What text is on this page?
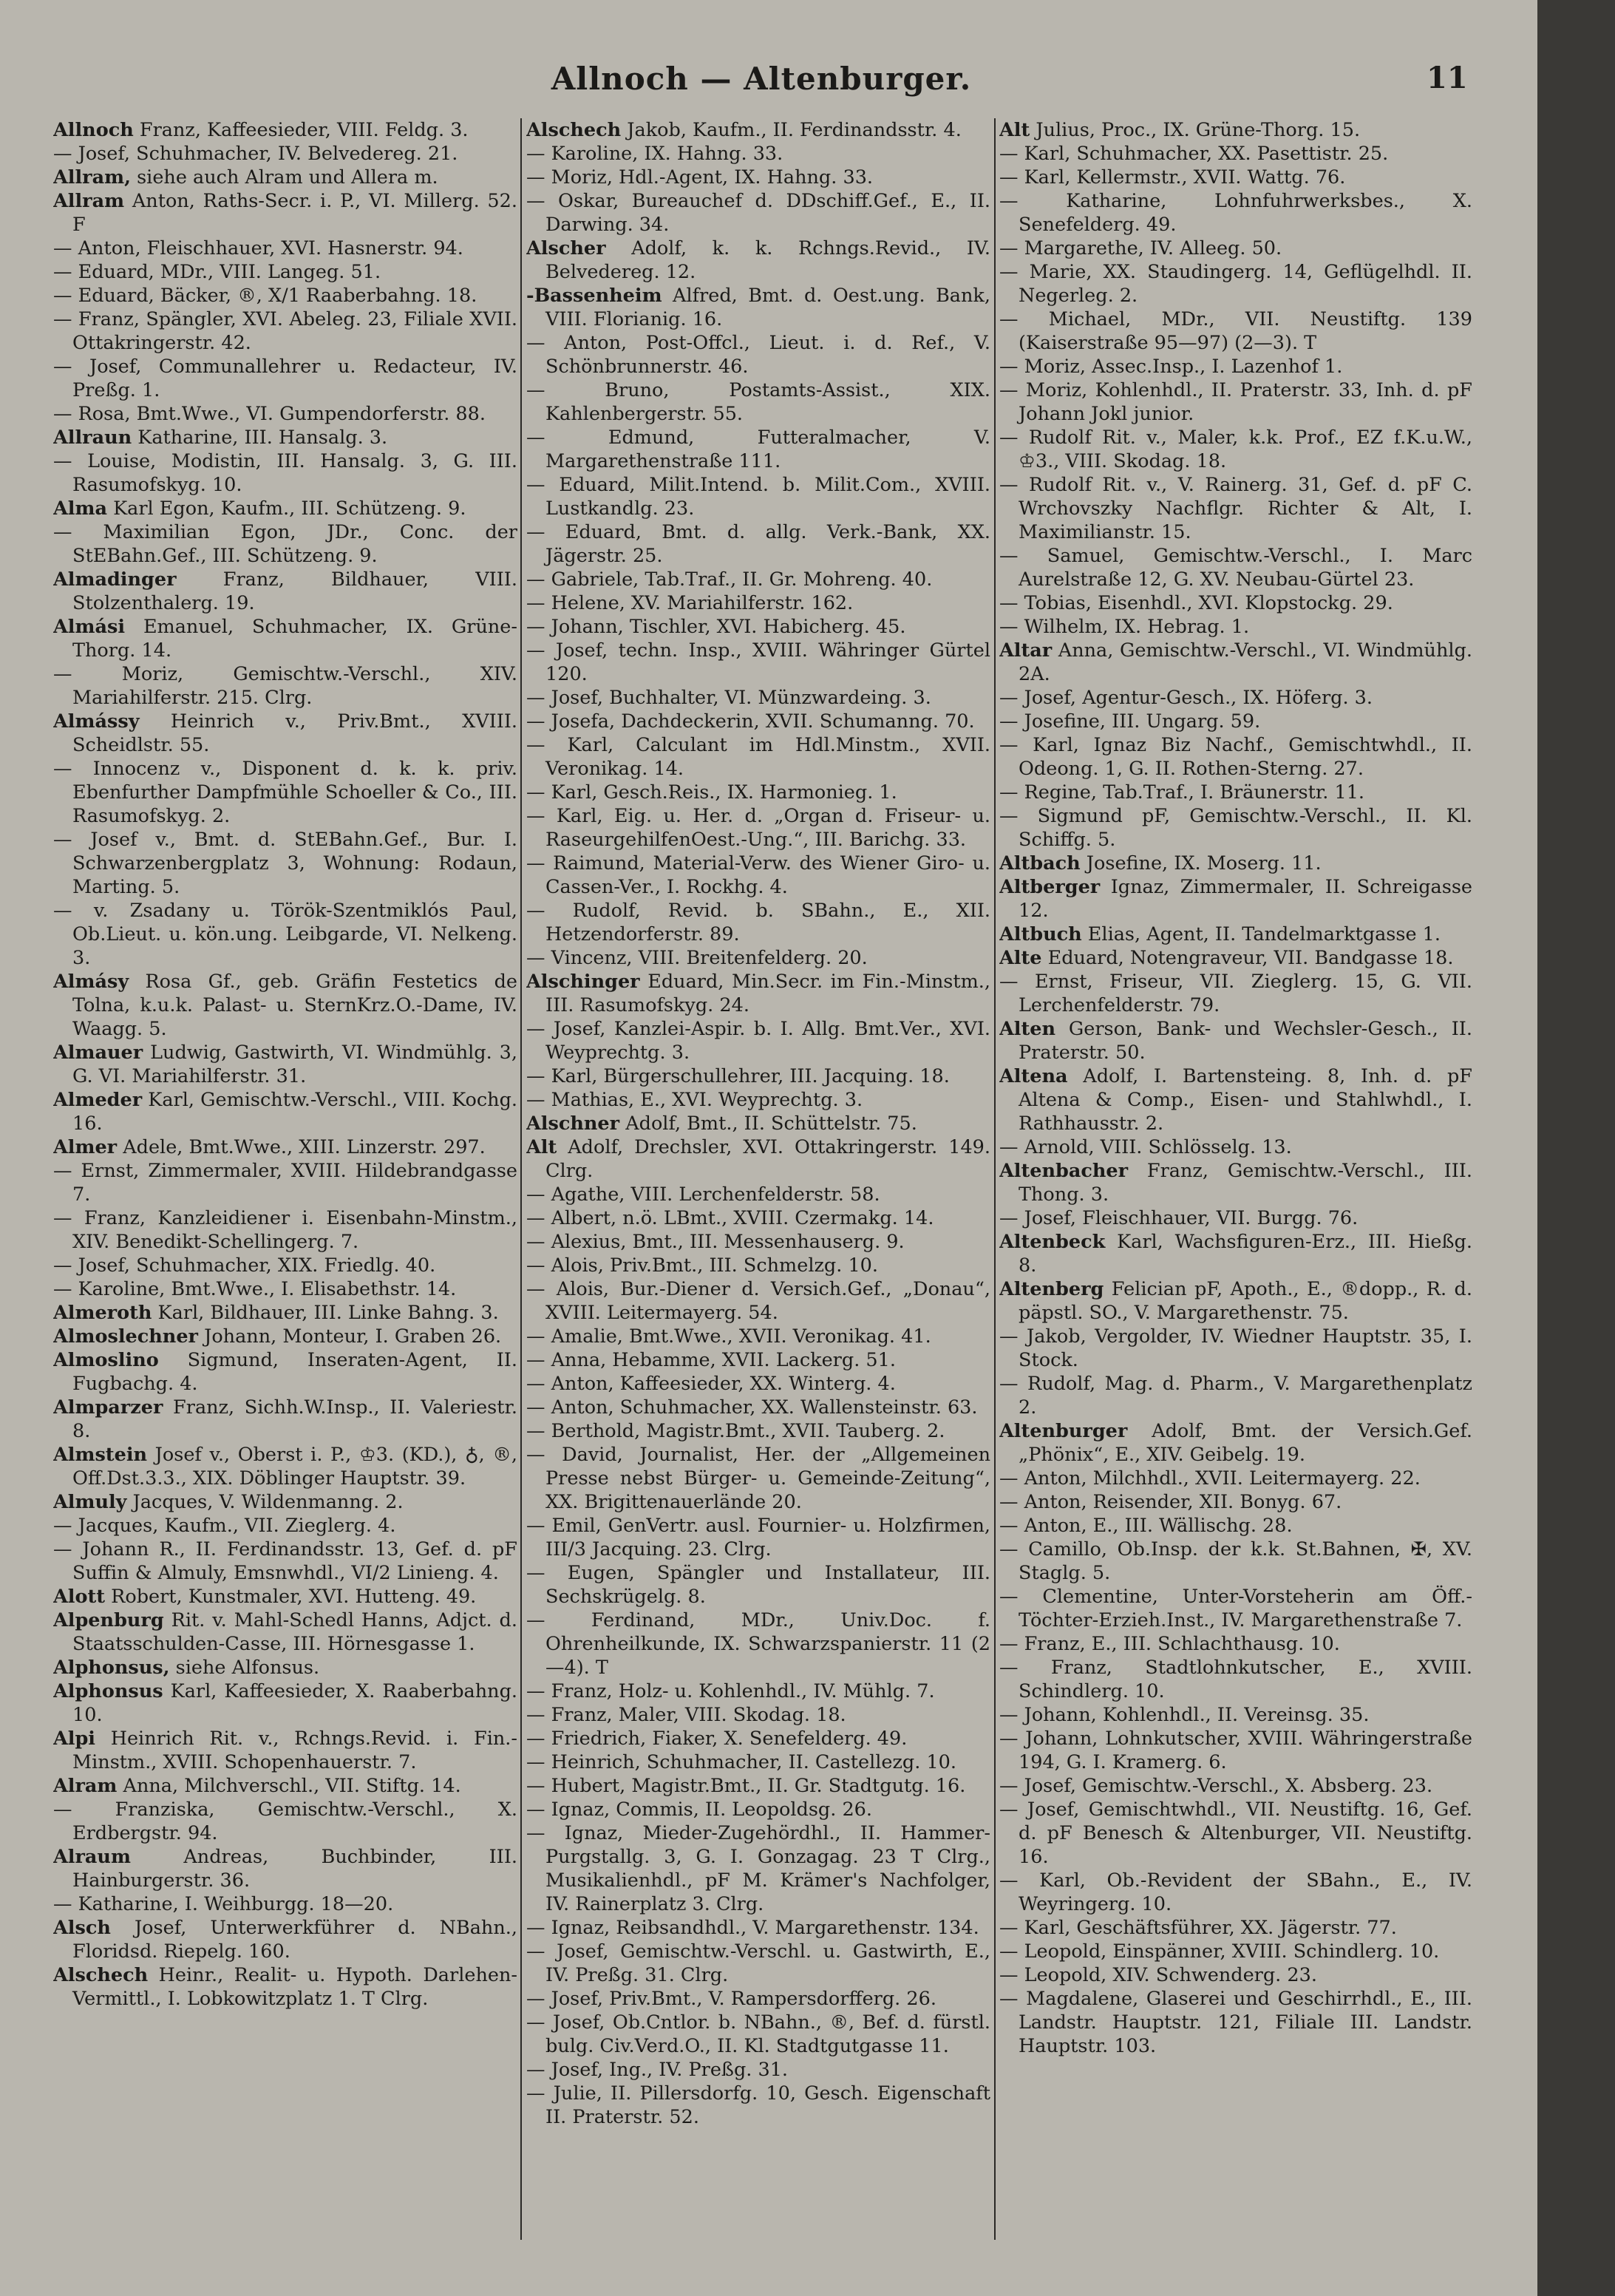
Allnoch — Altenburger.	11
Allnoch Franz, Kaffeesieder, VIII. Feldg. 3.
— Josef, Schuhmacher, IV. Belvedereg. 21.
Allram, siehe auch Alram und Allera m.
Allram Anton, Raths-Secr. i. P., VI. Millerg. 52. F
— Anton, Fleischhauer, XVI. Hasnerstr. 94.
— Eduard, MDr., VIII. Langeg. 51.
— Eduard, Bäcker, ®, X/1 Raaberbahng. 18.
— Franz, Spängler, XVI. Abeleg. 23, Filiale XVII. Ottakringerstr. 42.
— Josef, Communallehrer u. Redacteur, IV. Preßg. 1.
— Rosa, Bmt.Wwe., VI. Gumpendorferstr. 88.
Allraun Katharine, III. Hansalg. 3.
— Louise, Modistin, III. Hansalg. 3, G. III. Rasumofskyg. 10.
Alma Karl Egon, Kaufm., III. Schützeng. 9.
— Maximilian Egon, JDr., Conc. der StEBahn.Gef., III. Schützeng. 9.
Almadinger Franz, Bildhauer, VIII. Stolzenthalerg. 19.
Almási Emanuel, Schuhmacher, IX. Grüne-Thorg. 14.
— Moriz, Gemischtw.-Verschl., XIV. Mariahilferstr. 215. Clrg.
Almássy Heinrich v., Priv.Bmt., XVIII. Scheidlstr. 55.
— Innocenz v., Disponent d. k. k. priv. Ebenfurther Dampfmühle Schoeller & Co., III. Rasumofskyg. 2.
— Josef v., Bmt. d. StEBahn.Gef., Bur. I. Schwarzenbergplatz 3, Wohnung: Rodaun, Marting. 5.
— v. Zsadany u. Török-Szentmiklós Paul, Ob.Lieut. u. kön.ung. Leibgarde, VI. Nelkeng. 3.
Almásy Rosa Gf., geb. Gräfin Festetics de Tolna, k.u.k. Palast- u. SternKrz.O.-Dame, IV. Waagg. 5.
Almauer Ludwig, Gastwirth, VI. Windmühlg. 3, G. VI. Mariahilferstr. 31.
Almeder Karl, Gemischtw.-Verschl., VIII. Kochg. 16.
Almer Adele, Bmt.Wwe., XIII. Linzerstr. 297.
— Ernst, Zimmermaler, XVIII. Hildebrandgasse 7.
— Franz, Kanzleidiener i. Eisenbahn-Minstm., XIV. Benedikt-Schellingerg. 7.
— Josef, Schuhmacher, XIX. Friedlg. 40.
— Karoline, Bmt.Wwe., I. Elisabethstr. 14.
Almeroth Karl, Bildhauer, III. Linke Bahng. 3.
Almoslechner Johann, Monteur, I. Graben 26.
Almoslino Sigmund, Inseraten-Agent, II. Fugbachg. 4.
Almparzer Franz, Sichh.W.Insp., II. Valeriestr. 8.
Almstein Josef v., Oberst i. P., ♔3. (KD.), ♁, ®, Off.Dst.3.3., XIX. Döblinger Hauptstr. 39.
Almuly Jacques, V. Wildenmanng. 2.
— Jacques, Kaufm., VII. Zieglerg. 4.
— Johann R., II. Ferdinandsstr. 13, Gef. d. pF Suffin & Almuly, Emsnwhdl., VI/2 Linieng. 4.
Alott Robert, Kunstmaler, XVI. Hutteng. 49.
Alpenburg Rit. v. Mahl-Schedl Hanns, Adjct. d. Staatsschulden-Casse, III. Hörnesgasse 1.
Alphonsus, siehe Alfonsus.
Alphonsus Karl, Kaffeesieder, X. Raaberbahng. 10.
Alpi Heinrich Rit. v., Rchngs.Revid. i. Fin.-Minstm., XVIII. Schopenhauerstr. 7.
Alram Anna, Milchverschl., VII. Stiftg. 14.
— Franziska, Gemischtw.-Verschl., X. Erdbergstr. 94.
Alraum Andreas, Buchbinder, III. Hainburgerstr. 36.
— Katharine, I. Weihburgg. 18—20.
Alsch Josef, Unterwerkführer d. NBahn., Floridsd. Riepelg. 160.
Alschech Heinr., Realit- u. Hypoth. Darlehen-Vermittl., I. Lobkowitzplatz 1. T Clrg.
Alschech Jakob, Kaufm., II. Ferdinandsstr. 4.
— Karoline, IX. Hahng. 33.
— Moriz, Hdl.-Agent, IX. Hahng. 33.
— Oskar, Bureauchef d. DDschiff.Gef., E., II. Darwing. 34.
Alscher Adolf, k. k. Rchngs.Revid., IV. Belvedereg. 12.
-Bassenheim Alfred, Bmt. d. Oest.ung. Bank, VIII. Florianig. 16.
— Anton, Post-Offcl., Lieut. i. d. Ref., V. Schönbrunnerstr. 46.
— Bruno, Postamts-Assist., XIX. Kahlenbergerstr. 55.
— Edmund, Futteralmacher, V. Margarethenstraße 111.
— Eduard, Milit.Intend. b. Milit.Com., XVIII. Lustkandlg. 23.
— Eduard, Bmt. d. allg. Verk.-Bank, XX. Jägerstr. 25.
— Gabriele, Tab.Traf., II. Gr. Mohreng. 40.
— Helene, XV. Mariahilferstr. 162.
— Johann, Tischler, XVI. Habicherg. 45.
— Josef, techn. Insp., XVIII. Währinger Gürtel 120.
— Josef, Buchhalter, VI. Münzwardeing. 3.
— Josefa, Dachdeckerin, XVII. Schumanng. 70.
— Karl, Calculant im Hdl.Minstm., XVII. Veronikag. 14.
— Karl, Gesch.Reis., IX. Harmonieg. 1.
— Karl, Eig. u. Her. d. „Organ d. Friseur- u. RaseurgehilfenOest.-Ung.“, III. Barichg. 33.
— Raimund, Material-Verw. des Wiener Giro- u. Cassen-Ver., I. Rockhg. 4.
— Rudolf, Revid. b. SBahn., E., XII. Hetzendorferstr. 89.
— Vincenz, VIII. Breitenfelderg. 20.
Alschinger Eduard, Min.Secr. im Fin.-Minstm., III. Rasumofskyg. 24.
— Josef, Kanzlei-Aspir. b. I. Allg. Bmt.Ver., XVI. Weyprechtg. 3.
— Karl, Bürgerschullehrer, III. Jacquing. 18.
— Mathias, E., XVI. Weyprechtg. 3.
Alschner Adolf, Bmt., II. Schüttelstr. 75.
Alt Adolf, Drechsler, XVI. Ottakringerstr. 149. Clrg.
— Agathe, VIII. Lerchenfelderstr. 58.
— Albert, n.ö. LBmt., XVIII. Czermakg. 14.
— Alexius, Bmt., III. Messenhauserg. 9.
— Alois, Priv.Bmt., III. Schmelzg. 10.
— Alois, Bur.-Diener d. Versich.Gef., „Donau“, XVIII. Leitermayerg. 54.
— Amalie, Bmt.Wwe., XVII. Veronikag. 41.
— Anna, Hebamme, XVII. Lackerg. 51.
— Anton, Kaffeesieder, XX. Winterg. 4.
— Anton, Schuhmacher, XX. Wallensteinstr. 63.
— Berthold, Magistr.Bmt., XVII. Tauberg. 2.
— David, Journalist, Her. der „Allgemeinen Presse nebst Bürger- u. Gemeinde-Zeitung“, XX. Brigittenauerlände 20.
— Emil, GenVertr. ausl. Fournier- u. Holzfirmen, III/3 Jacquing. 23. Clrg.
— Eugen, Spängler und Installateur, III. Sechskrügelg. 8.
— Ferdinand, MDr., Univ.Doc. f. Ohrenheilkunde, IX. Schwarzspanierstr. 11 (2—4). T
— Franz, Holz- u. Kohlenhdl., IV. Mühlg. 7.
— Franz, Maler, VIII. Skodag. 18.
— Friedrich, Fiaker, X. Senefelderg. 49.
— Heinrich, Schuhmacher, II. Castellezg. 10.
— Hubert, Magistr.Bmt., II. Gr. Stadtgutg. 16.
— Ignaz, Commis, II. Leopoldsg. 26.
— Ignaz, Mieder-Zugehördhl., II. Hammer-Purgstallg. 3, G. I. Gonzagag. 23 T Clrg., Musikalienhdl., pF M. Krämer's Nachfolger, IV. Rainerplatz 3. Clrg.
— Ignaz, Reibsandhdl., V. Margarethenstr. 134.
— Josef, Gemischtw.-Verschl. u. Gastwirth, E., IV. Preßg. 31. Clrg.
— Josef, Priv.Bmt., V. Rampersdorfferg. 26.
— Josef, Ob.Cntlor. b. NBahn., ®, Bef. d. fürstl. bulg. Civ.Verd.O., II. Kl. Stadtgutgasse 11.
— Josef, Ing., IV. Preßg. 31.
— Julie, II. Pillersdorfg. 10, Gesch. Eigenschaft II. Praterstr. 52.
Alt Julius, Proc., IX. Grüne-Thorg. 15.
— Karl, Schuhmacher, XX. Pasettistr. 25.
— Karl, Kellermstr., XVII. Wattg. 76.
— Katharine, Lohnfuhrwerksbes., X. Senefelderg. 49.
— Margarethe, IV. Alleeg. 50.
— Marie, XX. Staudingerg. 14, Geflügelhdl. II. Negerleg. 2.
— Michael, MDr., VII. Neustiftg. 139 (Kaiserstraße 95—97) (2—3). T
— Moriz, Assec.Insp., I. Lazenhof 1.
— Moriz, Kohlenhdl., II. Praterstr. 33, Inh. d. pF Johann Jokl junior.
— Rudolf Rit. v., Maler, k.k. Prof., EZ f.K.u.W., ♔3., VIII. Skodag. 18.
— Rudolf Rit. v., V. Rainerg. 31, Gef. d. pF C. Wrchovszky Nachflgr. Richter & Alt, I. Maximilianstr. 15.
— Samuel, Gemischtw.-Verschl., I. Marc Aurelstraße 12, G. XV. Neubau-Gürtel 23.
— Tobias, Eisenhdl., XVI. Klopstockg. 29.
— Wilhelm, IX. Hebrag. 1.
Altar Anna, Gemischtw.-Verschl., VI. Windmühlg. 2A.
— Josef, Agentur-Gesch., IX. Höferg. 3.
— Josefine, III. Ungarg. 59.
— Karl, Ignaz Biz Nachf., Gemischtwhdl., II. Odeong. 1, G. II. Rothen-Sterng. 27.
— Regine, Tab.Traf., I. Bräunerstr. 11.
— Sigmund pF, Gemischtw.-Verschl., II. Kl. Schiffg. 5.
Altbach Josefine, IX. Moserg. 11.
Altberger Ignaz, Zimmermaler, II. Schreigasse 12.
Altbuch Elias, Agent, II. Tandelmarktgasse 1.
Alte Eduard, Notengraveur, VII. Bandgasse 18.
— Ernst, Friseur, VII. Zieglerg. 15, G. VII. Lerchenfelderstr. 79.
Alten Gerson, Bank- und Wechsler-Gesch., II. Praterstr. 50.
Altena Adolf, I. Bartensteing. 8, Inh. d. pF Altena & Comp., Eisen- und Stahlwhdl., I. Rathhausstr. 2.
— Arnold, VIII. Schlösselg. 13.
Altenbacher Franz, Gemischtw.-Verschl., III. Thong. 3.
— Josef, Fleischhauer, VII. Burgg. 76.
Altenbeck Karl, Wachsfiguren-Erz., III. Hießg. 8.
Altenberg Felician pF, Apoth., E., ®dopp., R. d. päpstl. SO., V. Margarethenstr. 75.
— Jakob, Vergolder, IV. Wiedner Hauptstr. 35, I. Stock.
— Rudolf, Mag. d. Pharm., V. Margarethenplatz 2.
Altenburger Adolf, Bmt. der Versich.Gef. „Phönix“, E., XIV. Geibelg. 19.
— Anton, Milchhdl., XVII. Leitermayerg. 22.
— Anton, Reisender, XII. Bonyg. 67.
— Anton, E., III. Wällischg. 28.
— Camillo, Ob.Insp. der k.k. St.Bahnen, ✠, XV. Staglg. 5.
— Clementine, Unter-Vorsteherin am Öff.-Töchter-Erzieh.Inst., IV. Margarethenstraße 7.
— Franz, E., III. Schlachthausg. 10.
— Franz, Stadtlohnkutscher, E., XVIII. Schindlerg. 10.
— Johann, Kohlenhdl., II. Vereinsg. 35.
— Johann, Lohnkutscher, XVIII. Währingerstraße 194, G. I. Kramerg. 6.
— Josef, Gemischtw.-Verschl., X. Absberg. 23.
— Josef, Gemischtwhdl., VII. Neustiftg. 16, Gef. d. pF Benesch & Altenburger, VII. Neustiftg. 16.
— Karl, Ob.-Revident der SBahn., E., IV. Weyringerg. 10.
— Karl, Geschäftsführer, XX. Jägerstr. 77.
— Leopold, Einspänner, XVIII. Schindlerg. 10.
— Leopold, XIV. Schwenderg. 23.
— Magdalene, Glaserei und Geschirrhdl., E., III. Landstr. Hauptstr. 121, Filiale III. Landstr. Hauptstr. 103.
